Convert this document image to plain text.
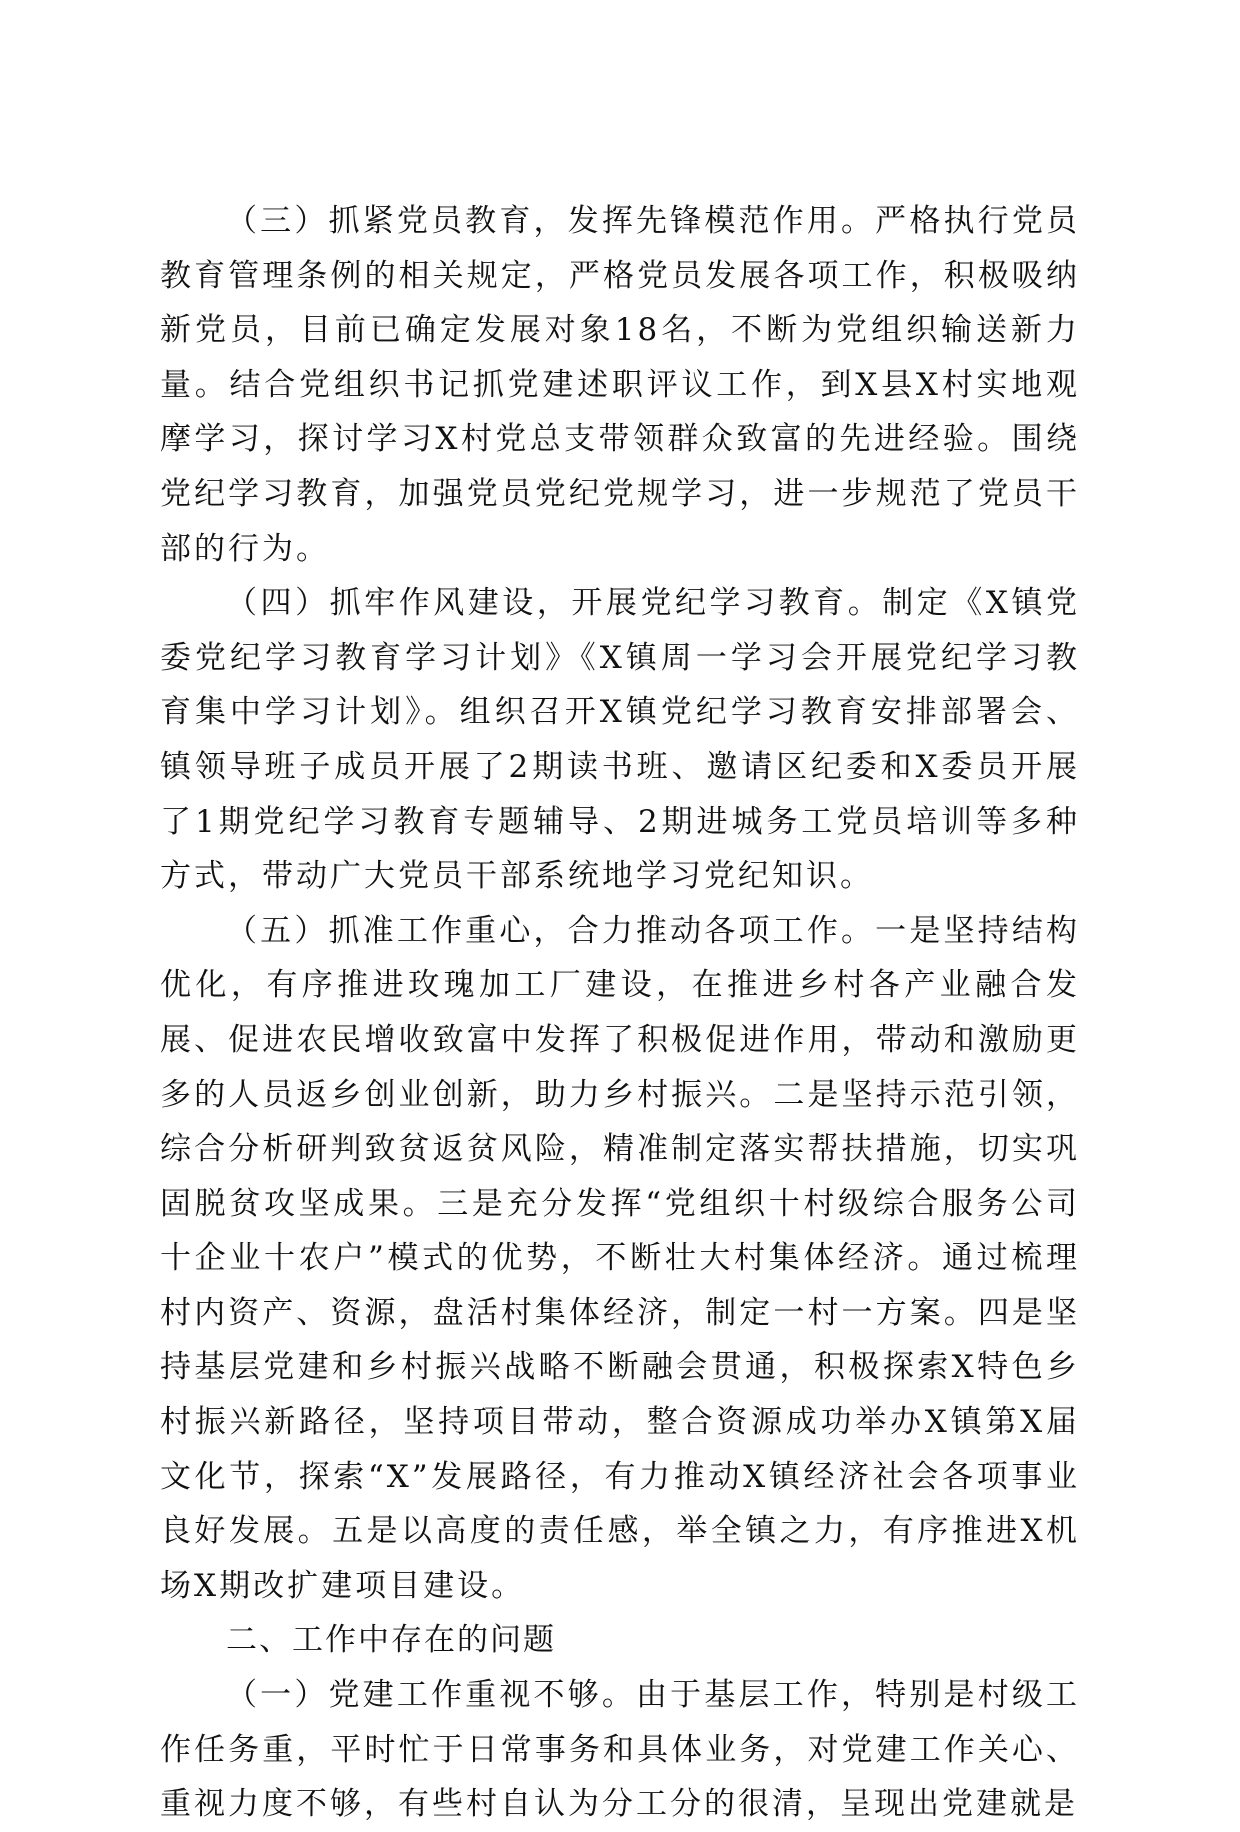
（三）抓紧党员教育，发挥先锋模范作用。严格执行党员教育管理条例的相关规定，严格党员发展各项工作，积极吸纳新党员，目前已确定发展对象18名，不断为党组织输送新力量。结合党组织书记抓党建述职评议工作，到X县X村实地观摩学习，探讨学习X村党总支带领群众致富的先进经验。围绕党纪学习教育，加强党员党纪党规学习，进一步规范了党员干部的行为。

（四）抓牢作风建设，开展党纪学习教育。制定《X镇党委党纪学习教育学习计划》《X镇周一学习会开展党纪学习教育集中学习计划》。组织召开X镇党纪学习教育安排部署会、镇领导班子成员开展了2期读书班、邀请区纪委和X委员开展了1期党纪学习教育专题辅导、2期进城务工党员培训等多种方式，带动广大党员干部系统地学习党纪知识。

（五）抓准工作重心，合力推动各项工作。一是坚持结构优化，有序推进玫瑰加工厂建设，在推进乡村各产业融合发展、促进农民增收致富中发挥了积极促进作用，带动和激励更多的人员返乡创业创新，助力乡村振兴。二是坚持示范引领，综合分析研判致贫返贫风险，精准制定落实帮扶措施，切实巩固脱贫攻坚成果。三是充分发挥“党组织十村级综合服务公司十企业十农户”模式的优势，不断壮大村集体经济。通过梳理村内资产、资源，盘活村集体经济，制定一村一方案。四是坚持基层党建和乡村振兴战略不断融会贯通，积极探索X特色乡村振兴新路径，坚持项目带动，整合资源成功举办X镇第X届文化节，探索“X”发展路径，有力推动X镇经济社会各项事业良好发展。五是以高度的责任感，举全镇之力，有序推进X机场X期改扩建项目建设。

二、工作中存在的问题

（一）党建工作重视不够。由于基层工作，特别是村级工作任务重，平时忙于日常事务和具体业务，对党建工作关心、重视力度不够，有些村自认为分工分的很清，呈现出党建就是
